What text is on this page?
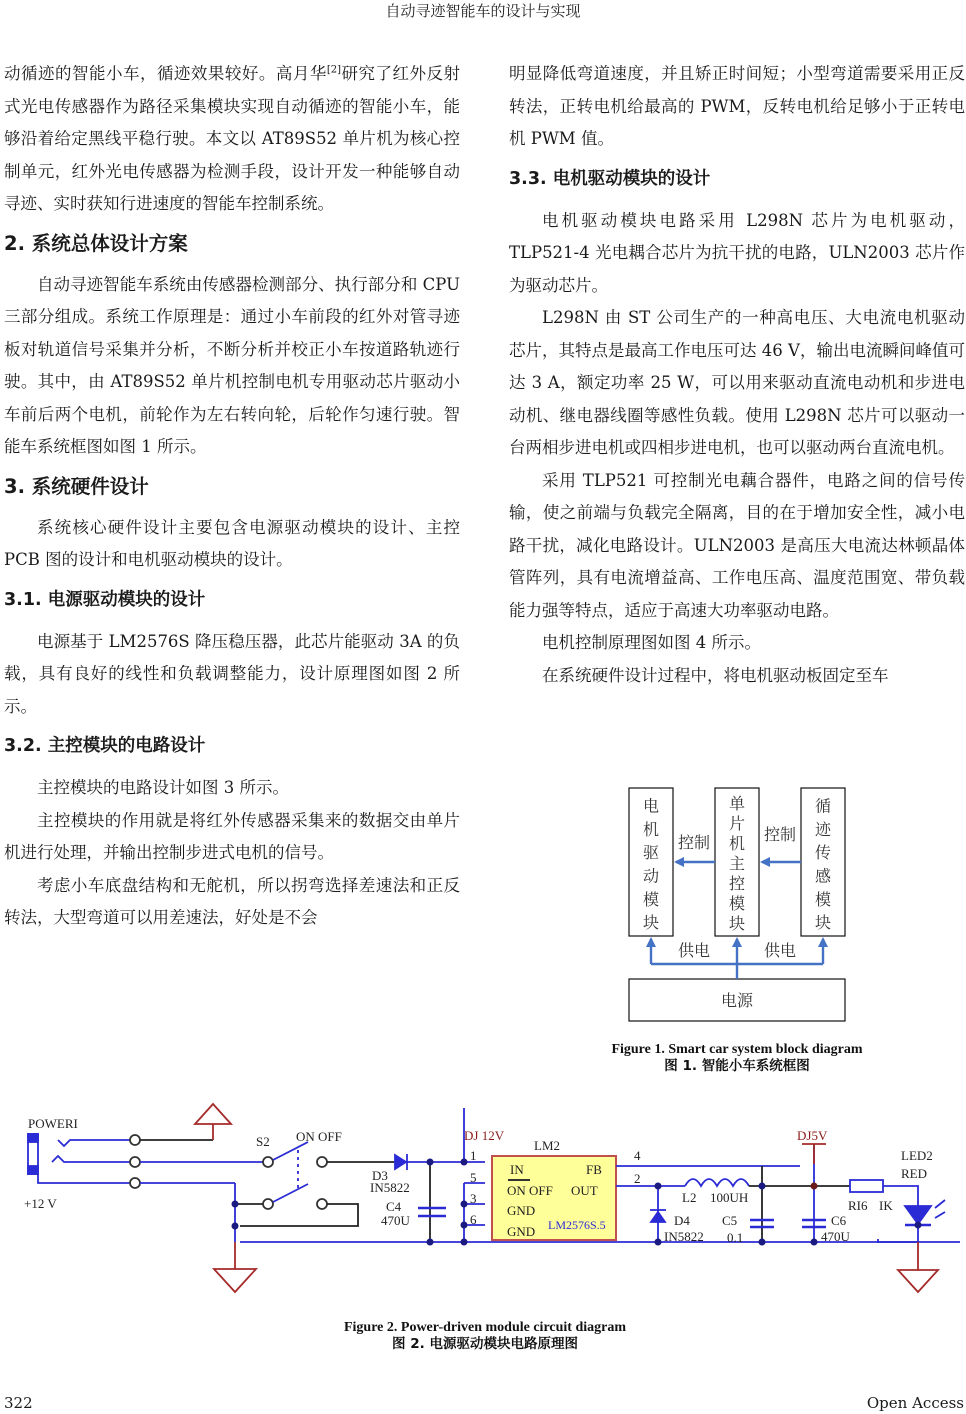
自动寻迹智能车的设计与实现

动循迹的智能小车，循迹效果较好。高月华[2]研究了红外反射式光电传感器作为路径采集模块实现自动循迹的智能小车，能够沿着给定黑线平稳行驶。本文以 AT89S52 单片机为核心控制单元，红外光电传感器为检测手段，设计开发一种能够自动寻迹、实时获知行进速度的智能车控制系统。

2. 系统总体设计方案

自动寻迹智能车系统由传感器检测部分、执行部分和 CPU 三部分组成。系统工作原理是：通过小车前段的红外对管寻迹板对轨道信号采集并分析，不断分析并校正小车按道路轨迹行驶。其中，由 AT89S52 单片机控制电机专用驱动芯片驱动小车前后两个电机，前轮作为左右转向轮，后轮作匀速行驶。智能车系统框图如图 1 所示。

3. 系统硬件设计

系统核心硬件设计主要包含电源驱动模块的设计、主控 PCB 图的设计和电机驱动模块的设计。

3.1. 电源驱动模块的设计

电源基于 LM2576S 降压稳压器，此芯片能驱动 3A 的负载，具有良好的线性和负载调整能力，设计原理图如图 2 所示。

3.2. 主控模块的电路设计

主控模块的电路设计如图 3 所示。

主控模块的作用就是将红外传感器采集来的数据交由单片机进行处理，并输出控制步进式电机的信号。

考虑小车底盘结构和无舵机，所以拐弯选择差速法和正反转法，大型弯道可以用差速法，好处是不会

明显降低弯道速度，并且矫正时间短；小型弯道需要采用正反转法，正转电机给最高的 PWM，反转电机给足够小于正转电机 PWM 值。

3.3. 电机驱动模块的设计

电机驱动模块电路采用 L298N 芯片为电机驱动，TLP521-4 光电耦合芯片为抗干扰的电路，ULN2003 芯片作为驱动芯片。

L298N 由 ST 公司生产的一种高电压、大电流电机驱动芯片，其特点是最高工作电压可达 46 V，输出电流瞬间峰值可达 3 A，额定功率 25 W，可以用来驱动直流电动机和步进电动机、继电器线圈等感性负载。使用 L298N 芯片可以驱动一台两相步进电机或四相步进电机，也可以驱动两台直流电机。

采用 TLP521 可控制光电藕合器件，电路之间的信号传输，使之前端与负载完全隔离，目的在于增加安全性，减小电路干扰，减化电路设计。ULN2003 是高压大电流达林顿晶体管阵列，具有电流增益高、工作电压高、温度范围宽、带负载能力强等特点，适应于高速大功率驱动电路。

电机控制原理图如图 4 所示。

在系统硬件设计过程中，将电机驱动板固定至车

电
机
驱
动
模
块
单
片
机
主
控
模
块
循
迹
传
感
模
块
电源
控制	控制
供电	供电
Figure 1. Smart car system block diagram
图 1. 智能小车系统框图
POWERI
+12 V
S2 ON OFF
D3
IN5822
C4
470U
DJ 12V
LM2
1
5
3
6
IN
ON OFF
GND
GND
FB
OUT
LM2576S.5
4
2
L2 100UH
D4
IN5822
C5
0.1
DJ5V
C6
470U
RI6 IK
LED2
RED
Figure 2. Power-driven module circuit diagram
图 2. 电源驱动模块电路原理图
322	Open Access
